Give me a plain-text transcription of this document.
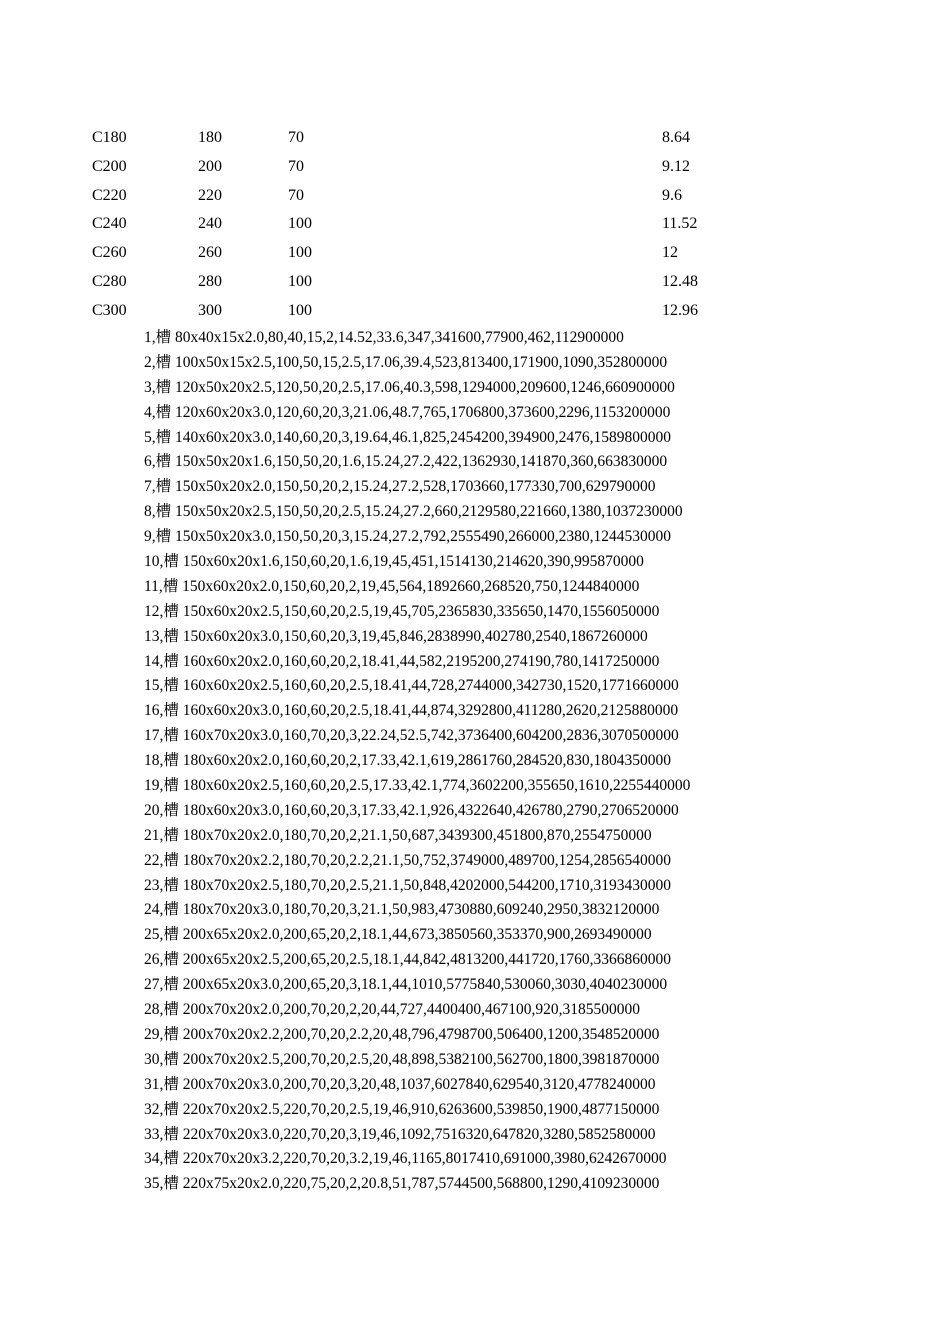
C180	180	70	8.64
C200	200	70	9.12
C220	220	70	9.6
C240	240	100	11.52
C260	260	100	12
C280	280	100	12.48
C300	300	100	12.96
1,槽 80x40x15x2.0,80,40,15,2,14.52,33.6,347,341600,77900,462,112900000
2,槽 100x50x15x2.5,100,50,15,2.5,17.06,39.4,523,813400,171900,1090,352800000
3,槽 120x50x20x2.5,120,50,20,2.5,17.06,40.3,598,1294000,209600,1246,660900000
4,槽 120x60x20x3.0,120,60,20,3,21.06,48.7,765,1706800,373600,2296,1153200000
5,槽 140x60x20x3.0,140,60,20,3,19.64,46.1,825,2454200,394900,2476,1589800000
6,槽 150x50x20x1.6,150,50,20,1.6,15.24,27.2,422,1362930,141870,360,663830000
7,槽 150x50x20x2.0,150,50,20,2,15.24,27.2,528,1703660,177330,700,629790000
8,槽 150x50x20x2.5,150,50,20,2.5,15.24,27.2,660,2129580,221660,1380,1037230000
9,槽 150x50x20x3.0,150,50,20,3,15.24,27.2,792,2555490,266000,2380,1244530000
10,槽 150x60x20x1.6,150,60,20,1.6,19,45,451,1514130,214620,390,995870000
11,槽 150x60x20x2.0,150,60,20,2,19,45,564,1892660,268520,750,1244840000
12,槽 150x60x20x2.5,150,60,20,2.5,19,45,705,2365830,335650,1470,1556050000
13,槽 150x60x20x3.0,150,60,20,3,19,45,846,2838990,402780,2540,1867260000
14,槽 160x60x20x2.0,160,60,20,2,18.41,44,582,2195200,274190,780,1417250000
15,槽 160x60x20x2.5,160,60,20,2.5,18.41,44,728,2744000,342730,1520,1771660000
16,槽 160x60x20x3.0,160,60,20,2.5,18.41,44,874,3292800,411280,2620,2125880000
17,槽 160x70x20x3.0,160,70,20,3,22.24,52.5,742,3736400,604200,2836,3070500000
18,槽 180x60x20x2.0,160,60,20,2,17.33,42.1,619,2861760,284520,830,1804350000
19,槽 180x60x20x2.5,160,60,20,2.5,17.33,42.1,774,3602200,355650,1610,2255440000
20,槽 180x60x20x3.0,160,60,20,3,17.33,42.1,926,4322640,426780,2790,2706520000
21,槽 180x70x20x2.0,180,70,20,2,21.1,50,687,3439300,451800,870,2554750000
22,槽 180x70x20x2.2,180,70,20,2.2,21.1,50,752,3749000,489700,1254,2856540000
23,槽 180x70x20x2.5,180,70,20,2.5,21.1,50,848,4202000,544200,1710,3193430000
24,槽 180x70x20x3.0,180,70,20,3,21.1,50,983,4730880,609240,2950,3832120000
25,槽 200x65x20x2.0,200,65,20,2,18.1,44,673,3850560,353370,900,2693490000
26,槽 200x65x20x2.5,200,65,20,2.5,18.1,44,842,4813200,441720,1760,3366860000
27,槽 200x65x20x3.0,200,65,20,3,18.1,44,1010,5775840,530060,3030,4040230000
28,槽 200x70x20x2.0,200,70,20,2,20,44,727,4400400,467100,920,3185500000
29,槽 200x70x20x2.2,200,70,20,2.2,20,48,796,4798700,506400,1200,3548520000
30,槽 200x70x20x2.5,200,70,20,2.5,20,48,898,5382100,562700,1800,3981870000
31,槽 200x70x20x3.0,200,70,20,3,20,48,1037,6027840,629540,3120,4778240000
32,槽 220x70x20x2.5,220,70,20,2.5,19,46,910,6263600,539850,1900,4877150000
33,槽 220x70x20x3.0,220,70,20,3,19,46,1092,7516320,647820,3280,5852580000
34,槽 220x70x20x3.2,220,70,20,3.2,19,46,1165,8017410,691000,3980,6242670000
35,槽 220x75x20x2.0,220,75,20,2,20.8,51,787,5744500,568800,1290,4109230000
